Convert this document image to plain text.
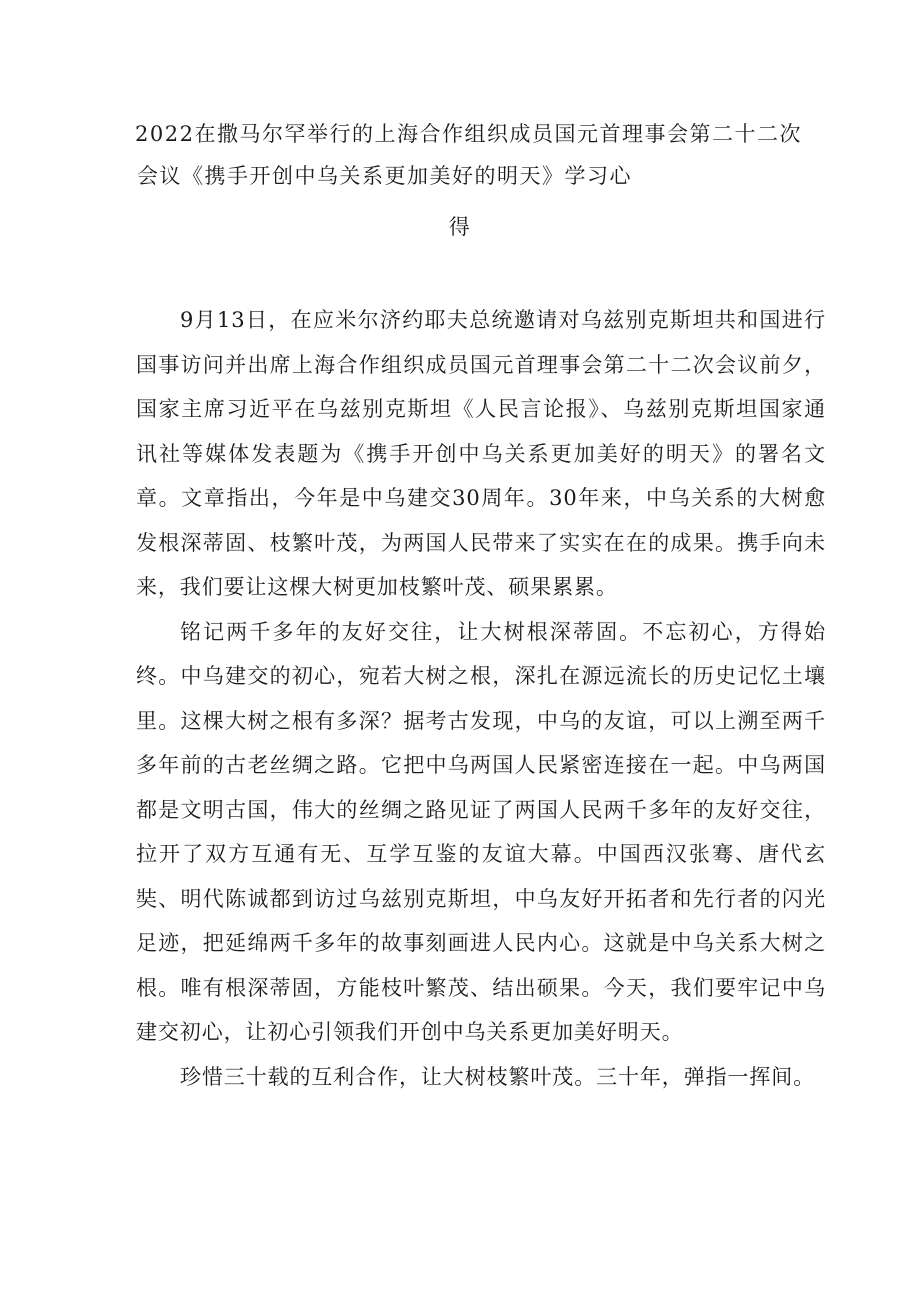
2022在撒马尔罕举行的上海合作组织成员国元首理事会第二十二次
会议《携手开创中乌关系更加美好的明天》学习心
得

9月13日，在应米尔济约耶夫总统邀请对乌兹别克斯坦共和国进行国事访问并出席上海合作组织成员国元首理事会第二十二次会议前夕，国家主席习近平在乌兹别克斯坦《人民言论报》、乌兹别克斯坦国家通讯社等媒体发表题为《携手开创中乌关系更加美好的明天》的署名文章。文章指出，今年是中乌建交30周年。30年来，中乌关系的大树愈发根深蒂固、枝繁叶茂，为两国人民带来了实实在在的成果。携手向未来，我们要让这棵大树更加枝繁叶茂、硕果累累。

铭记两千多年的友好交往，让大树根深蒂固。不忘初心，方得始终。中乌建交的初心，宛若大树之根，深扎在源远流长的历史记忆土壤里。这棵大树之根有多深？据考古发现，中乌的友谊，可以上溯至两千多年前的古老丝绸之路。它把中乌两国人民紧密连接在一起。中乌两国都是文明古国，伟大的丝绸之路见证了两国人民两千多年的友好交往，拉开了双方互通有无、互学互鉴的友谊大幕。中国西汉张骞、唐代玄奘、明代陈诚都到访过乌兹别克斯坦，中乌友好开拓者和先行者的闪光足迹，把延绵两千多年的故事刻画进人民内心。这就是中乌关系大树之根。唯有根深蒂固，方能枝叶繁茂、结出硕果。今天，我们要牢记中乌建交初心，让初心引领我们开创中乌关系更加美好明天。

珍惜三十载的互利合作，让大树枝繁叶茂。三十年，弹指一挥间。
